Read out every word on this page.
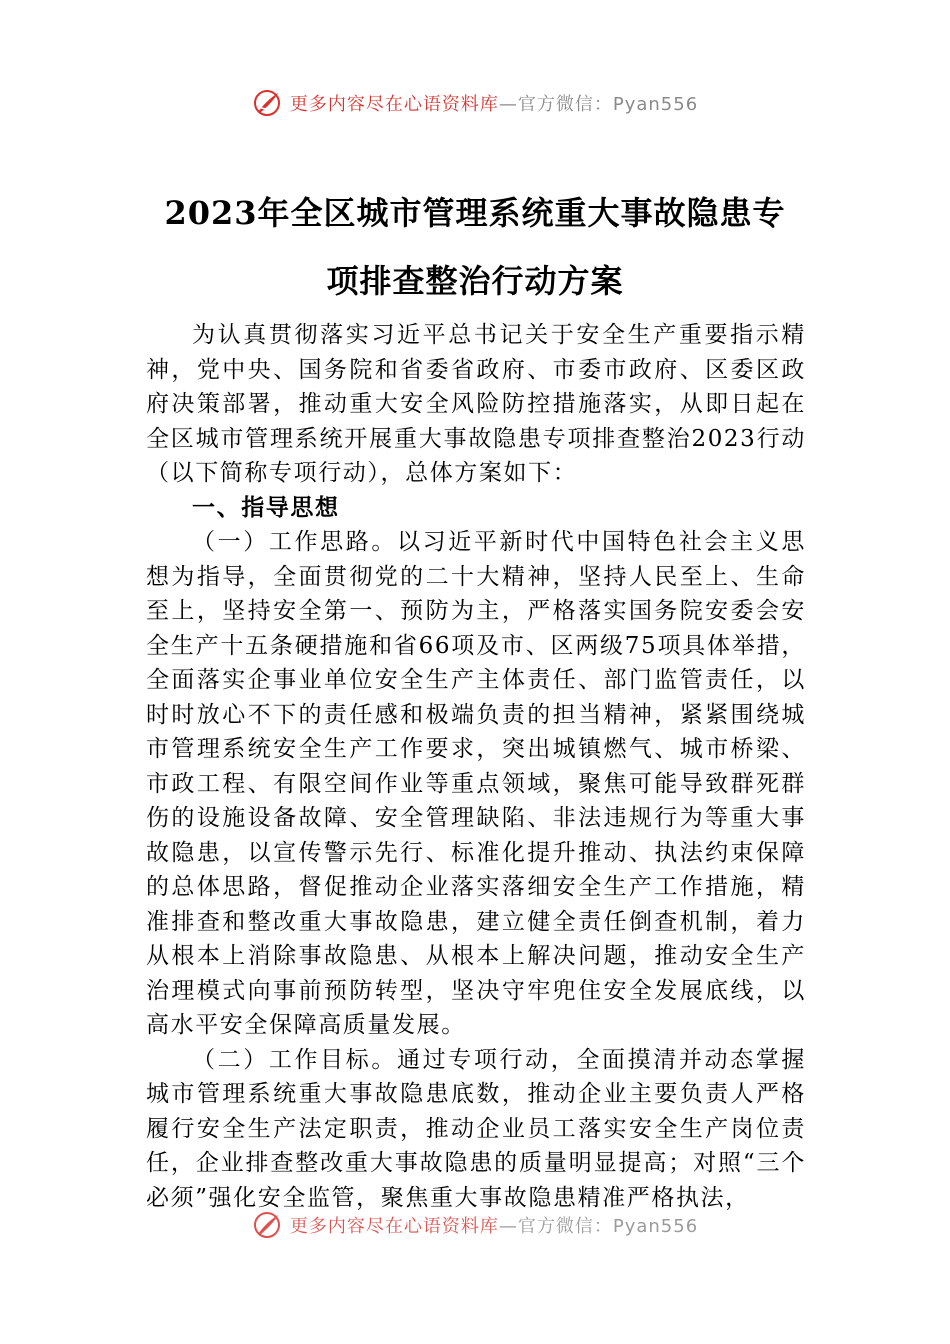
更多内容尽在心语资料库—官方微信：Pyan556
2023年全区城市管理系统重大事故隐患专
项排查整治行动方案

为认真贯彻落实习近平总书记关于安全生产重要指示精神，党中央、国务院和省委省政府、市委市政府、区委区政府决策部署，推动重大安全风险防控措施落实，从即日起在全区城市管理系统开展重大事故隐患专项排查整治2023行动（以下简称专项行动），总体方案如下：

一、指导思想

（一）工作思路。以习近平新时代中国特色社会主义思想为指导，全面贯彻党的二十大精神，坚持人民至上、生命至上，坚持安全第一、预防为主，严格落实国务院安委会安全生产十五条硬措施和省66项及市、区两级75项具体举措，全面落实企事业单位安全生产主体责任、部门监管责任，以时时放心不下的责任感和极端负责的担当精神，紧紧围绕城市管理系统安全生产工作要求，突出城镇燃气、城市桥梁、市政工程、有限空间作业等重点领域，聚焦可能导致群死群伤的设施设备故障、安全管理缺陷、非法违规行为等重大事故隐患，以宣传警示先行、标准化提升推动、执法约束保障的总体思路，督促推动企业落实落细安全生产工作措施，精准排查和整改重大事故隐患，建立健全责任倒查机制，着力从根本上消除事故隐患、从根本上解决问题，推动安全生产治理模式向事前预防转型，坚决守牢兜住安全发展底线，以高水平安全保障高质量发展。

（二）工作目标。通过专项行动，全面摸清并动态掌握城市管理系统重大事故隐患底数，推动企业主要负责人严格履行安全生产法定职责，推动企业员工落实安全生产岗位责任，企业排查整改重大事故隐患的质量明显提高；对照“三个必须”强化安全监管，聚焦重大事故隐患精准严格执法，

更多内容尽在心语资料库—官方微信：Pyan556
